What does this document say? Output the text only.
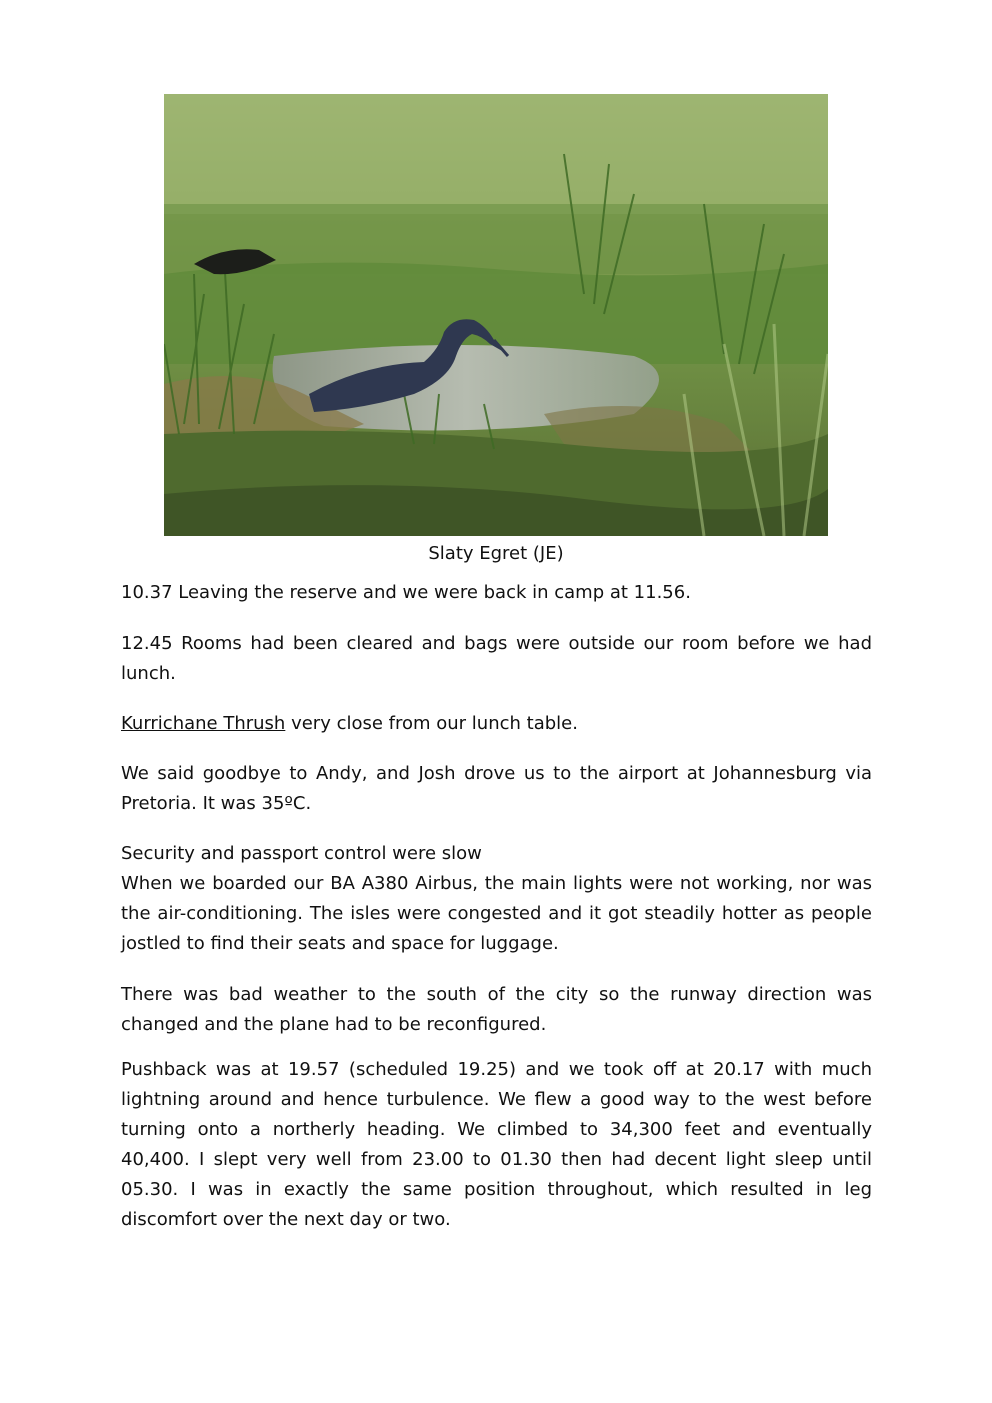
Slaty Egret (JE)

10.37 Leaving the reserve and we were back in camp at 11.56.

12.45 Rooms had been cleared and bags were outside our room before we had lunch.

Kurrichane Thrush very close from our lunch table.

We said goodbye to Andy, and Josh drove us to the airport at Johannesburg via Pretoria. It was 35ºC.

Security and passport control were slow

When we boarded our BA A380 Airbus, the main lights were not working, nor was the air-conditioning. The isles were congested and it got steadily hotter as people jostled to find their seats and space for luggage.

There was bad weather to the south of the city so the runway direction was changed and the plane had to be reconfigured.

Pushback was at 19.57 (scheduled 19.25) and we took off at 20.17 with much lightning around and hence turbulence. We flew a good way to the west before turning onto a northerly heading. We climbed to 34,300 feet and eventually 40,400. I slept very well from 23.00 to 01.30 then had decent light sleep until 05.30. I was in exactly the same position throughout, which resulted in leg discomfort over the next day or two.
